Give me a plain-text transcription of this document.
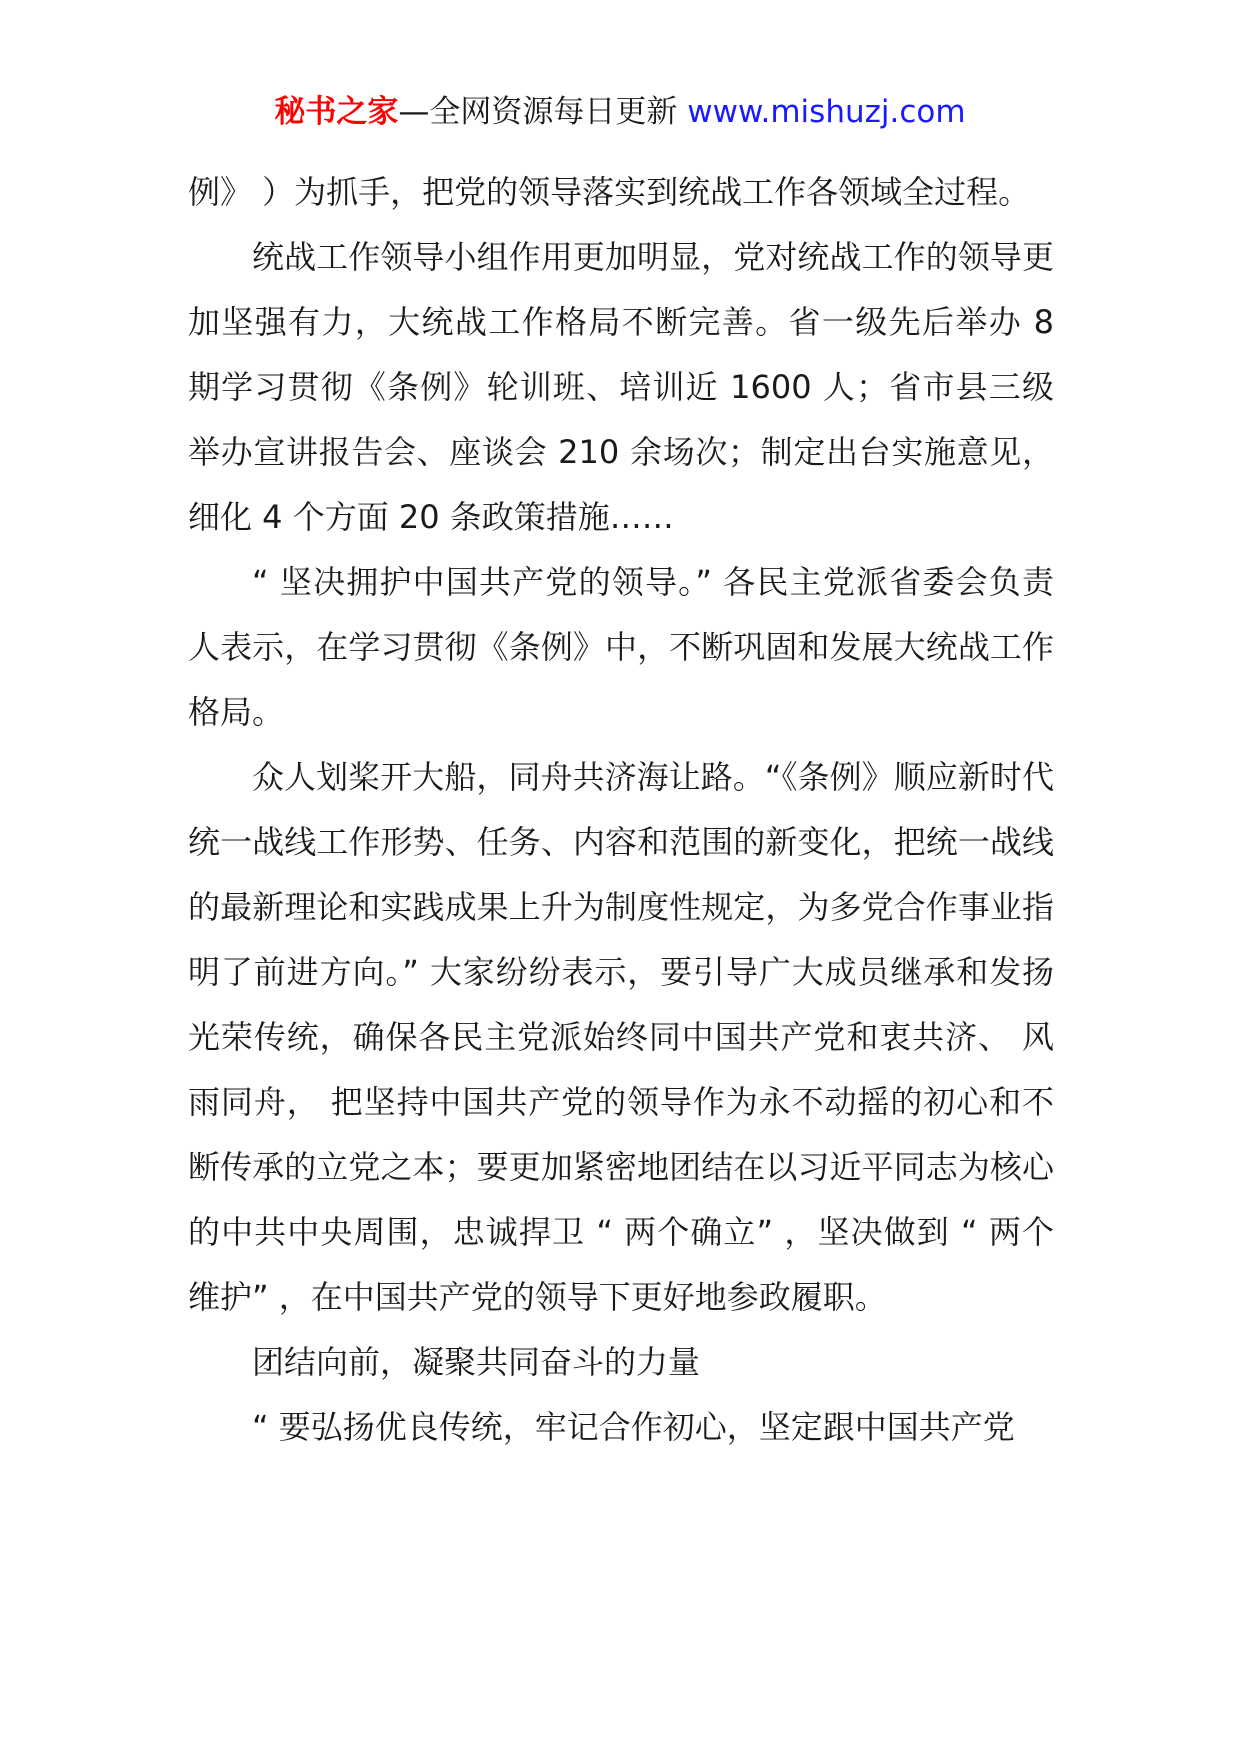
秘书之家—全网资源每日更新 www.mishuzj.com

例》 ）为抓手，把党的领导落实到统战工作各领域全过程。

统战工作领导小组作用更加明显，党对统战工作的领导更加坚强有力，大统战工作格局不断完善。省一级先后举办 8 期学习贯彻《条例》轮训班、培训近 1600 人；省市县三级举办宣讲报告会、座谈会 210 余场次；制定出台实施意见，细化 4 个方面 20 条政策措施……

“ 坚决拥护中国共产党的领导。” 各民主党派省委会负责人表示，在学习贯彻《条例》中，不断巩固和发展大统战工作格局。

众人划桨开大船，同舟共济海让路。“《条例》顺应新时代统一战线工作形势、任务、内容和范围的新变化，把统一战线的最新理论和实践成果上升为制度性规定，为多党合作事业指明了前进方向。” 大家纷纷表示，要引导广大成员继承和发扬光荣传统，确保各民主党派始终同中国共产党和衷共济、 风雨同舟， 把坚持中国共产党的领导作为永不动摇的初心和不断传承的立党之本；要更加紧密地团结在以习近平同志为核心的中共中央周围，忠诚捍卫 “ 两个确立” ，坚决做到 “ 两个维护” ，在中国共产党的领导下更好地参政履职。

团结向前，凝聚共同奋斗的力量

“ 要弘扬优良传统，牢记合作初心，坚定跟中国共产党
